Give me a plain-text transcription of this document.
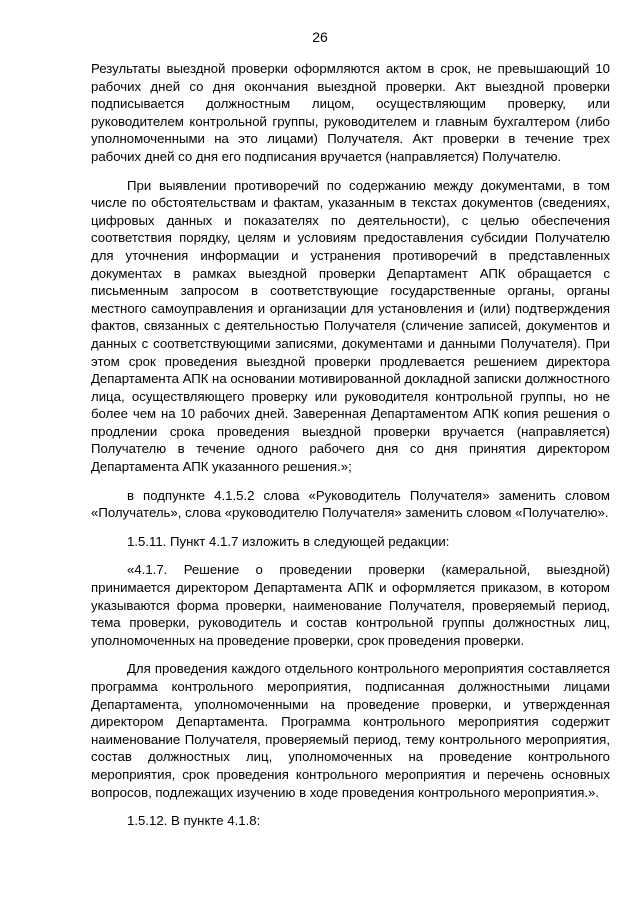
26

Результаты выездной проверки оформляются актом в срок, не превышающий 10 рабочих дней со дня окончания выездной проверки. Акт выездной проверки подписывается должностным лицом, осуществляющим проверку, или руководителем контрольной группы, руководителем и главным бухгалтером (либо уполномоченными на это лицами) Получателя. Акт проверки в течение трех рабочих дней со дня его подписания вручается (направляется) Получателю.

При выявлении противоречий по содержанию между документами, в том числе по обстоятельствам и фактам, указанным в текстах документов (сведениях, цифровых данных и показателях по деятельности), с целью обеспечения соответствия порядку, целям и условиям предоставления субсидии Получателю для уточнения информации и устранения противоречий в представленных документах в рамках выездной проверки Департамент АПК обращается с письменным запросом в соответствующие государственные органы, органы местного самоуправления и организации для установления и (или) подтверждения фактов, связанных с деятельностью Получателя (сличение записей, документов и данных с соответствующими записями, документами и данными Получателя). При этом срок проведения выездной проверки продлевается решением директора Департамента АПК на основании мотивированной докладной записки должностного лица, осуществляющего проверку или руководителя контрольной группы, но не более чем на 10 рабочих дней. Заверенная Департаментом АПК копия решения о продлении срока проведения выездной проверки вручается (направляется) Получателю в течение одного рабочего дня со дня принятия директором Департамента АПК указанного решения.»;

в подпункте 4.1.5.2 слова «Руководитель Получателя» заменить словом «Получатель», слова «руководителю Получателя» заменить словом «Получателю».

1.5.11. Пункт 4.1.7 изложить в следующей редакции:

«4.1.7. Решение о проведении проверки (камеральной, выездной) принимается директором Департамента АПК и оформляется приказом, в котором указываются форма проверки, наименование Получателя, проверяемый период, тема проверки, руководитель и состав контрольной группы должностных лиц, уполномоченных на проведение проверки, срок проведения проверки.

Для проведения каждого отдельного контрольного мероприятия составляется программа контрольного мероприятия, подписанная должностными лицами Департамента, уполномоченными на проведение проверки, и утвержденная директором Департамента. Программа контрольного мероприятия содержит наименование Получателя, проверяемый период, тему контрольного мероприятия, состав должностных лиц, уполномоченных на проведение контрольного мероприятия, срок проведения контрольного мероприятия и перечень основных вопросов, подлежащих изучению в ходе проведения контрольного мероприятия.».

1.5.12. В пункте 4.1.8:
